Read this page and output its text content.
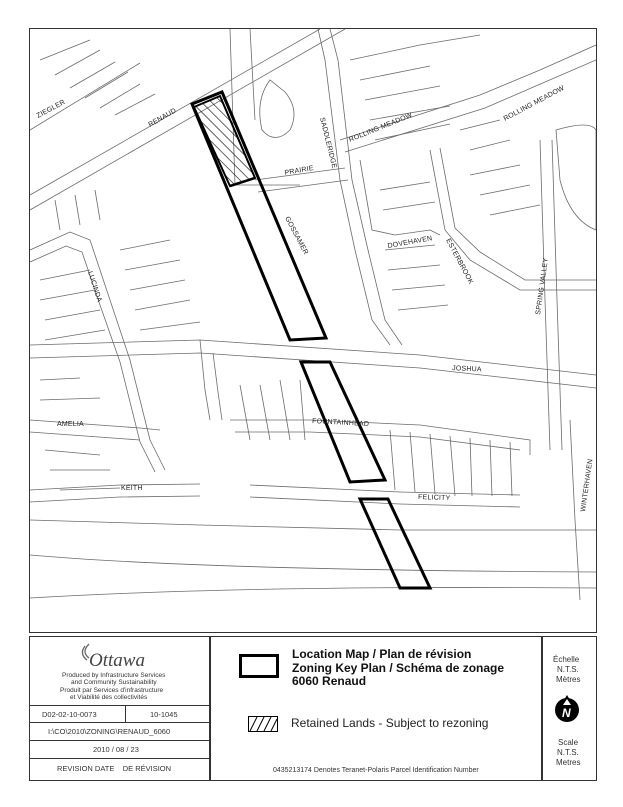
ZIEGLER	RENAUD	SADDLERIDGE ROLLING MEADOW
ROLLING MEADOW
PRAIRIE
GOSSAMER	DOVEHAVEN ESTERBROOK
LUCINDA	SPRING VALLEY
JOSHUA
AMELIA	FOUNTAINHEAD
KEITH
FELICITY	WINTERHAVEN
Ottawa
Produced by Infrastructure Services
and Community Sustainability
Produit par Services d'infrastructure
et Viabilité des collectivités
D02-02-10-0073	10-1045
I:\CO\2010\ZONING\RENAUD_6060
2010 / 08 / 23
REVISION DATE    DE RÉVISION
Location Map / Plan de révision
Zoning Key Plan / Schéma de zonage
6060 Renaud
Retained Lands - Subject to rezoning
0435213174 Denotes Teranet-Polaris Parcel Identification Number
Échelle
N.T.S.
Mètres
N
Scale
N.T.S.
Metres
